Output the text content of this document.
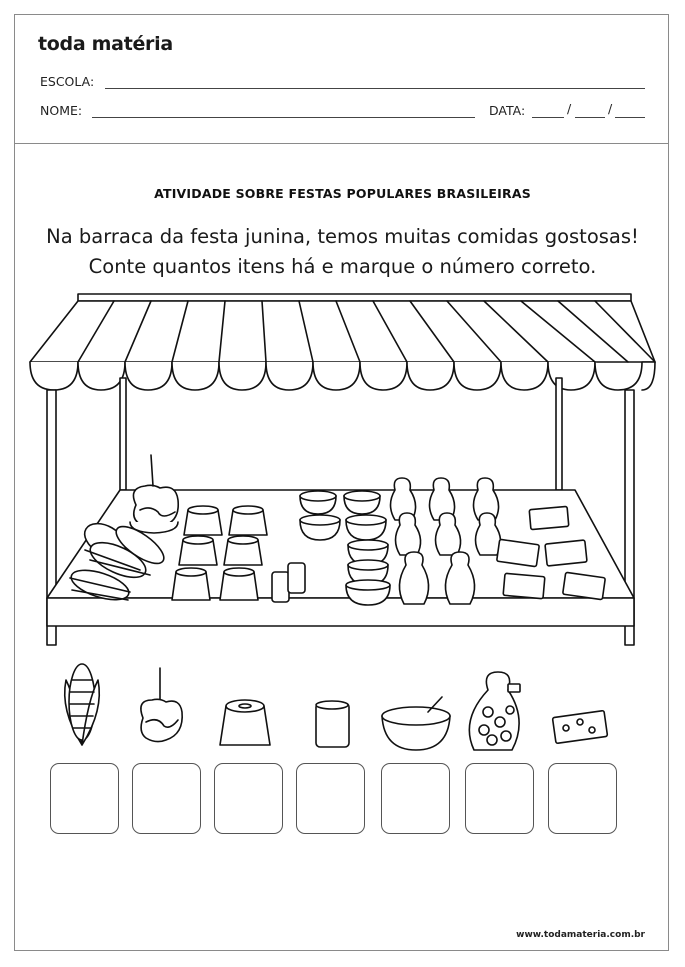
toda matéria
ESCOLA:
NOME:	DATA:	/	/
ATIVIDADE SOBRE FESTAS POPULARES BRASILEIRAS
Na barraca da festa junina, temos muitas comidas gostosas!
Conte quantos itens há e marque o número correto.
www.todamateria.com.br
